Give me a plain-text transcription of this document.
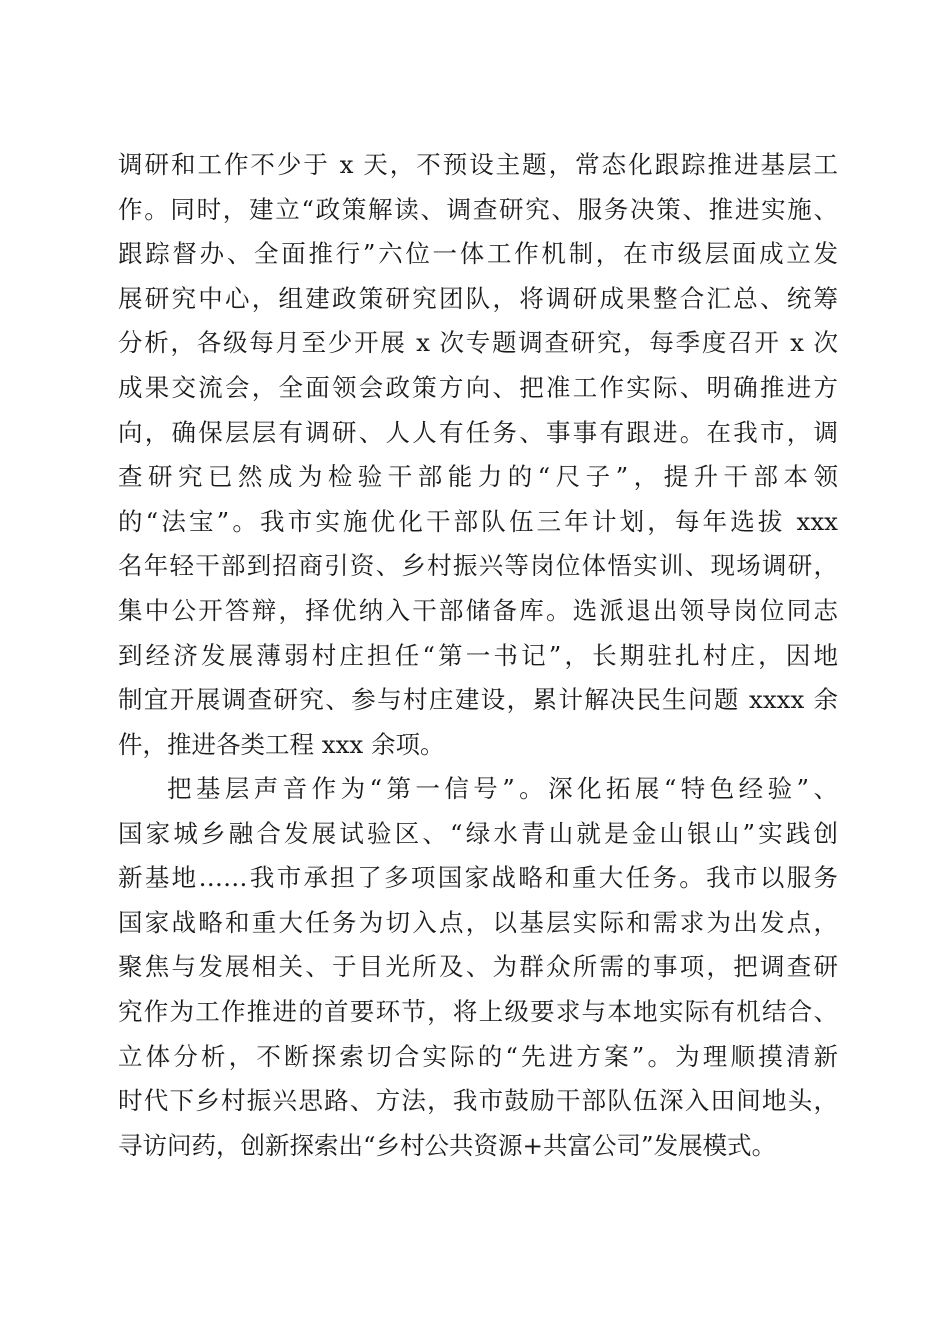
调研和工作不少于 x 天，不预设主题，常态化跟踪推进基层工
作。同时，建立“政策解读、调查研究、服务决策、推进实施、
跟踪督办、全面推行”六位一体工作机制，在市级层面成立发
展研究中心，组建政策研究团队，将调研成果整合汇总、统筹
分析，各级每月至少开展 x 次专题调查研究，每季度召开 x 次
成果交流会，全面领会政策方向、把准工作实际、明确推进方
向，确保层层有调研、人人有任务、事事有跟进。在我市，调
查研究已然成为检验干部能力的“尺子”，提升干部本领
的“法宝”。我市实施优化干部队伍三年计划，每年选拔 xxx
名年轻干部到招商引资、乡村振兴等岗位体悟实训、现场调研，
集中公开答辩，择优纳入干部储备库。选派退出领导岗位同志
到经济发展薄弱村庄担任“第一书记”，长期驻扎村庄，因地
制宜开展调查研究、参与村庄建设，累计解决民生问题 xxxx 余
件，推进各类工程 xxx 余项。
把基层声音作为“第一信号”。深化拓展“特色经验”、
国家城乡融合发展试验区、“绿水青山就是金山银山”实践创
新基地……我市承担了多项国家战略和重大任务。我市以服务
国家战略和重大任务为切入点，以基层实际和需求为出发点，
聚焦与发展相关、于目光所及、为群众所需的事项，把调查研
究作为工作推进的首要环节，将上级要求与本地实际有机结合、
立体分析，不断探索切合实际的“先进方案”。为理顺摸清新
时代下乡村振兴思路、方法，我市鼓励干部队伍深入田间地头，
寻访问药，创新探索出“乡村公共资源+共富公司”发展模式。
